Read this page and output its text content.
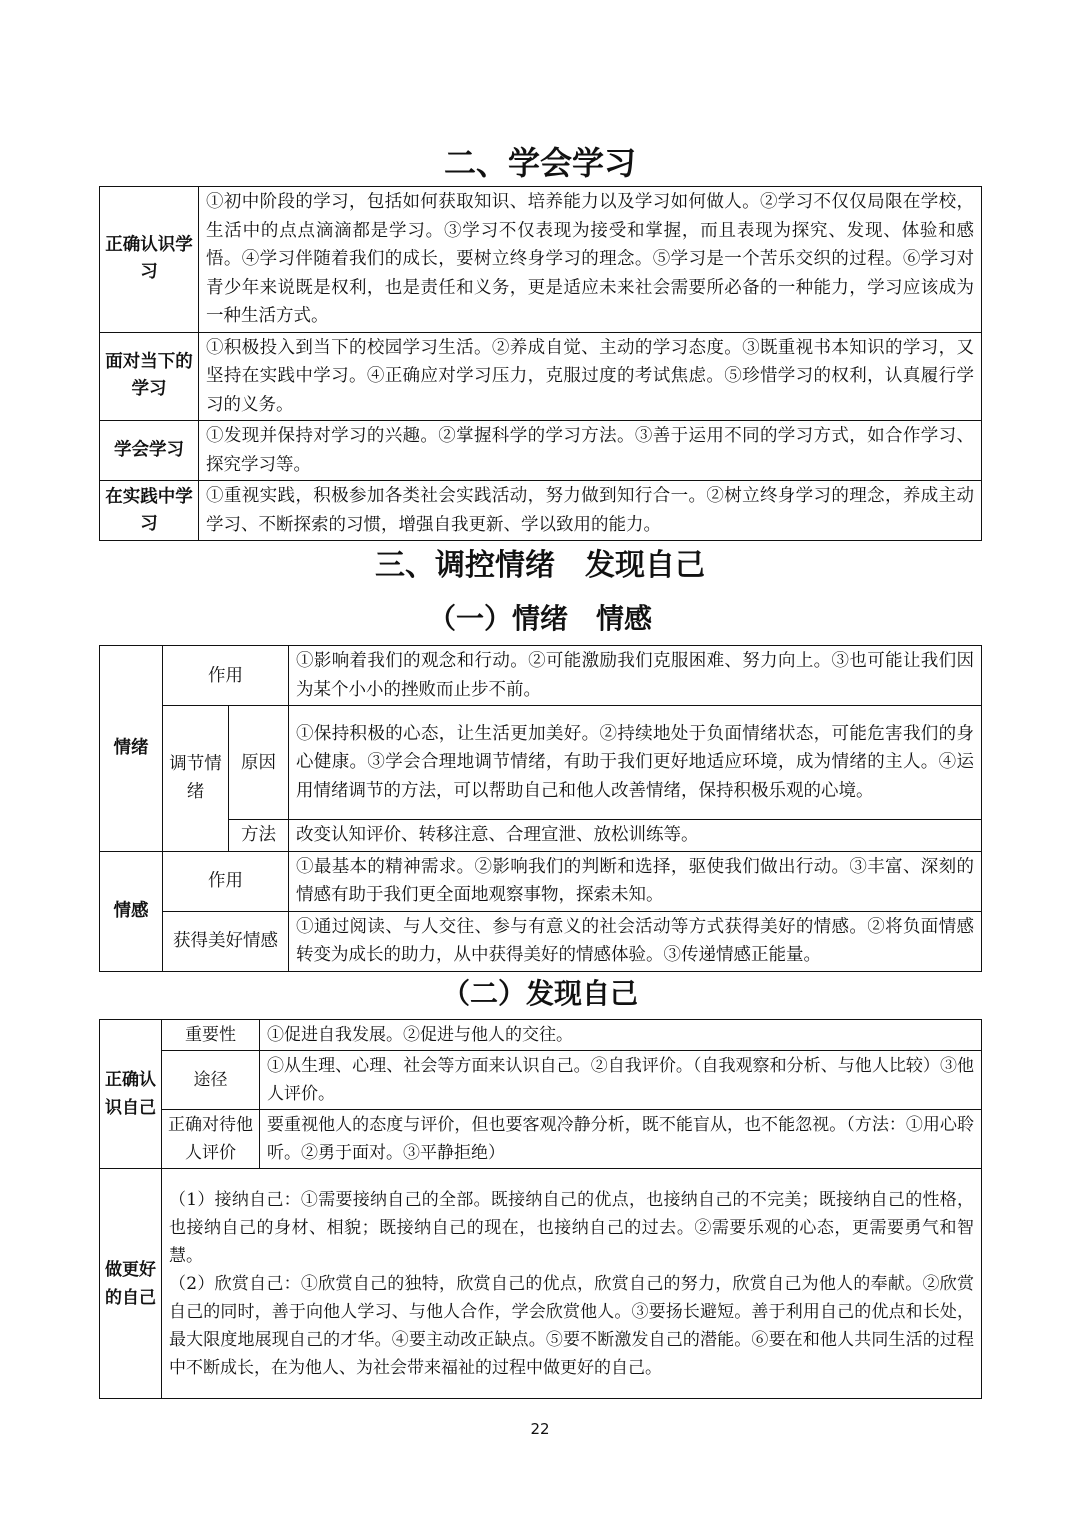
二、学会学习
正确认识学习	①初中阶段的学习，包括如何获取知识、培养能力以及学习如何做人。②学习不仅仅局限在学校，生活中的点点滴滴都是学习。③学习不仅表现为接受和掌握，而且表现为探究、发现、体验和感悟。④学习伴随着我们的成长，要树立终身学习的理念。⑤学习是一个苦乐交织的过程。⑥学习对青少年来说既是权利，也是责任和义务，更是适应未来社会需要所必备的一种能力，学习应该成为一种生活方式。
面对当下的学习	①积极投入到当下的校园学习生活。②养成自觉、主动的学习态度。③既重视书本知识的学习，又坚持在实践中学习。④正确应对学习压力，克服过度的考试焦虑。⑤珍惜学习的权利，认真履行学习的义务。
学会学习	①发现并保持对学习的兴趣。②掌握科学的学习方法。③善于运用不同的学习方式，如合作学习、探究学习等。
在实践中学习	①重视实践，积极参加各类社会实践活动，努力做到知行合一。②树立终身学习的理念，养成主动学习、不断探索的习惯，增强自我更新、学以致用的能力。
三、调控情绪　发现自己
（一）情绪　情感
情绪	作用		①影响着我们的观念和行动。②可能激励我们克服困难、努力向上。③也可能让我们因为某个小小的挫败而止步不前。
	调节情绪	原因	①保持积极的心态，让生活更加美好。②持续地处于负面情绪状态，可能危害我们的身心健康。③学会合理地调节情绪，有助于我们更好地适应环境，成为情绪的主人。④运用情绪调节的方法，可以帮助自己和他人改善情绪，保持积极乐观的心境。
		方法	改变认知评价、转移注意、合理宣泄、放松训练等。
情感	作用		①最基本的精神需求。②影响我们的判断和选择，驱使我们做出行动。③丰富、深刻的情感有助于我们更全面地观察事物，探索未知。
	获得美好情感		①通过阅读、与人交往、参与有意义的社会活动等方式获得美好的情感。②将负面情感转变为成长的助力，从中获得美好的情感体验。③传递情感正能量。
（二）发现自己
正确认识自己	重要性	①促进自我发展。②促进与他人的交往。
	途径	①从生理、心理、社会等方面来认识自己。②自我评价。（自我观察和分析、与他人比较）③他人评价。
	正确对待他人评价	要重视他人的态度与评价，但也要客观冷静分析，既不能盲从，也不能忽视。（方法：①用心聆听。②勇于面对。③平静拒绝）
做更好的自己	（1）接纳自己：①需要接纳自己的全部。既接纳自己的优点，也接纳自己的不完美；既接纳自己的性格，也接纳自己的身材、相貌；既接纳自己的现在，也接纳自己的过去。②需要乐观的心态，更需要勇气和智慧。
（2）欣赏自己：①欣赏自己的独特，欣赏自己的优点，欣赏自己的努力，欣赏自己为他人的奉献。②欣赏自己的同时，善于向他人学习、与他人合作，学会欣赏他人。③要扬长避短。善于利用自己的优点和长处，最大限度地展现自己的才华。④要主动改正缺点。⑤要不断激发自己的潜能。⑥要在和他人共同生活的过程中不断成长，在为他人、为社会带来福祉的过程中做更好的自己。	
22
